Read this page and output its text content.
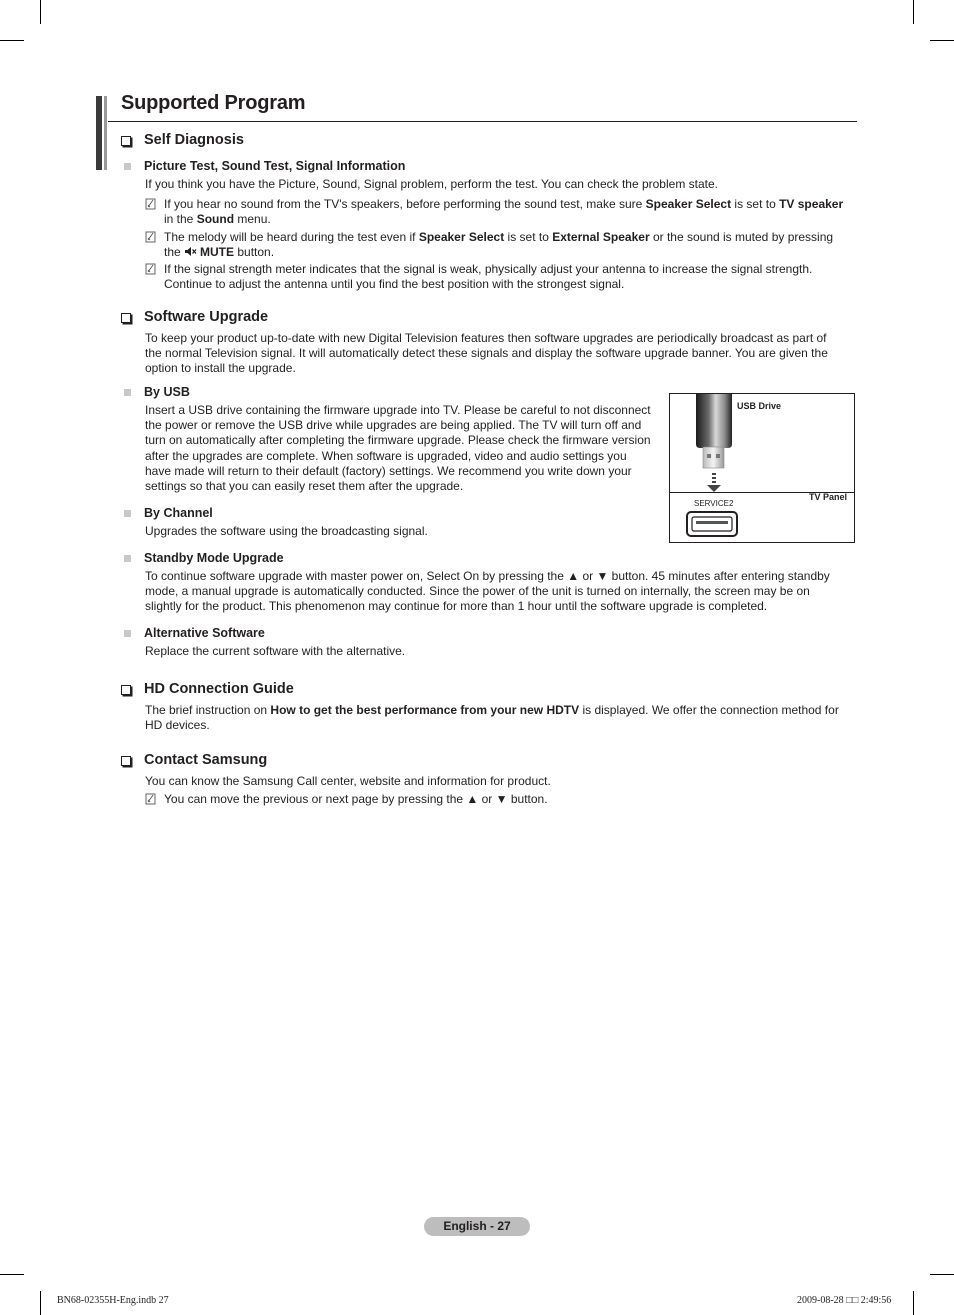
Supported Program
Self Diagnosis
Picture Test, Sound Test, Signal Information
If you think you have the Picture, Sound, Signal problem, perform the test. You can check the problem state.
If you hear no sound from the TV's speakers, before performing the sound test, make sure Speaker Select is set to TV speaker
in the Sound menu.
The melody will be heard during the test even if Speaker Select is set to External Speaker or the sound is muted by pressing
the MUTE button.
If the signal strength meter indicates that the signal is weak, physically adjust your antenna to increase the signal strength.
Continue to adjust the antenna until you find the best position with the strongest signal.
Software Upgrade
To keep your product up-to-date with new Digital Television features then software upgrades are periodically broadcast as part of
the normal Television signal. It will automatically detect these signals and display the software upgrade banner. You are given the
option to install the upgrade.
By USB
Insert a USB drive containing the firmware upgrade into TV. Please be careful to not disconnect
the power or remove the USB drive while upgrades are being applied. The TV will turn off and
turn on automatically after completing the firmware upgrade. Please check the firmware version
after the upgrades are complete. When software is upgraded, video and audio settings you
have made will return to their default (factory) settings. We recommend you write down your
settings so that you can easily reset them after the upgrade.
SERVICE2
USB Drive
TV Panel
By Channel
Upgrades the software using the broadcasting signal.
Standby Mode Upgrade
To continue software upgrade with master power on, Select On by pressing the ▲ or ▼ button. 45 minutes after entering standby
mode, a manual upgrade is automatically conducted. Since the power of the unit is turned on internally, the screen may be on
slightly for the product. This phenomenon may continue for more than 1 hour until the software upgrade is completed.
Alternative Software
Replace the current software with the alternative.
HD Connection Guide
The brief instruction on How to get the best performance from your new HDTV is displayed. We offer the connection method for
HD devices.
Contact Samsung
You can know the Samsung Call center, website and information for product.
You can move the previous or next page by pressing the ▲ or ▼ button.
English - 27
BN68-02355H-Eng.indb 27	2009-08-28 □□ 2:49:56
